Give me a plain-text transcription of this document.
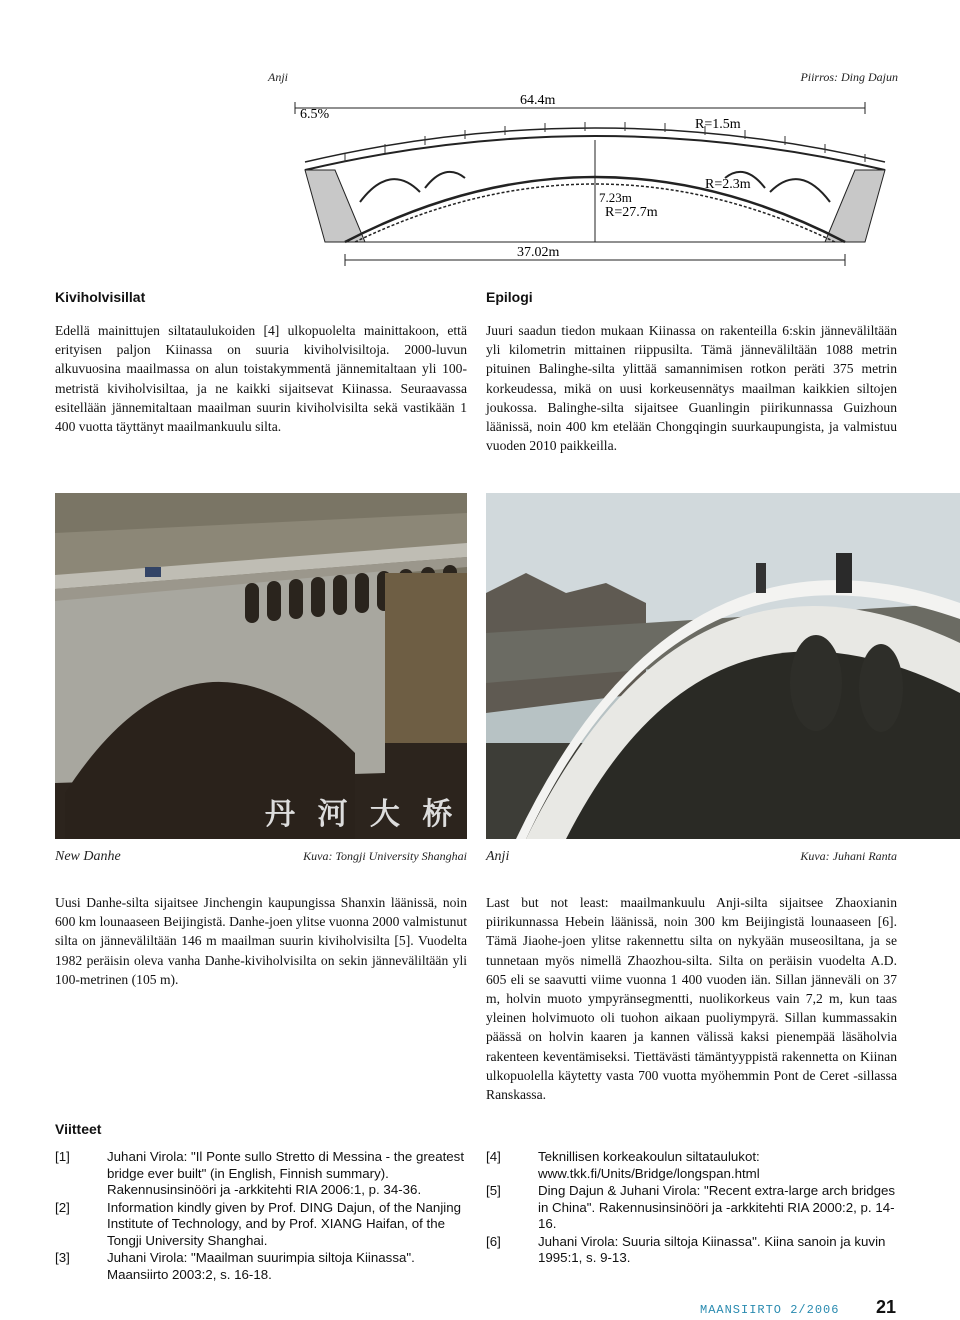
Anji	Piirros: Ding Dajun
6.5%
64.4m
R=1.5m
R=2.3m
7.23m
R=27.7m
37.02m
Kiviholvisillat
Edellä mainittujen siltataulukoiden [4] ulkopuolelta mainittakoon, että erityisen paljon Kiinassa on suuria kiviholvisiltoja. 2000-luvun alkuvuosina maailmassa on alun toistakymmentä jännemitaltaan yli 100-metristä kiviholvisiltaa, ja ne kaikki sijaitsevat Kiinassa. Seuraavassa esitellään jännemitaltaan maailman suurin kiviholvisilta sekä vastikään 1 400 vuotta täyttänyt maailmankuulu silta.
Epilogi
Juuri saadun tiedon mukaan Kiinassa on rakenteilla 6:skin jänneväliltään yli kilometrin mittainen riippusilta. Tämä jänneväliltään 1088 metrin pituinen Balinghe-silta ylittää samannimisen rotkon peräti 375 metrin korkeudessa, mikä on uusi korkeusennätys maailman kaikkien siltojen joukossa. Balinghe-silta sijaitsee Guanlingin piirikunnassa Guizhoun läänissä, noin 400 km etelään Chongqingin suurkaupungista, ja valmistuu vuoden 2010 paikkeilla.
丹 河 大 桥
New Danhe	Kuva: Tongji University Shanghai Anji	Kuva: Juhani Ranta
Uusi Danhe-silta sijaitsee Jinchengin kaupungissa Shanxin läänissä, noin 600 km lounaaseen Beijingistä. Danhe-joen ylitse vuonna 2000 valmistunut silta on jänneväliltään 146 m maailman suurin kiviholvisilta [5]. Vuodelta 1982 peräisin oleva vanha Danhe-kiviholvisilta on sekin jänneväliltään yli 100-metrinen (105 m).
Last but not least: maailmankuulu Anji-silta sijaitsee Zhaoxianin piirikunnassa Hebein läänissä, noin 300 km Beijingistä lounaaseen [6]. Tämä Jiaohe-joen ylitse rakennettu silta on nykyään museosiltana, ja se tunnetaan myös nimellä Zhaozhou-silta. Silta on peräisin vuodelta A.D. 605 eli se saavutti viime vuonna 1 400 vuoden iän. Sillan jänneväli on 37 m, holvin muoto ympyränsegmentti, nuolikorkeus vain 7,2 m, kun taas yleinen holvimuoto oli tuohon aikaan puoliympyrä. Sillan kummassakin päässä on holvin kaaren ja kannen välissä kaksi pienempää läsäholvia rakenteen keventämiseksi. Tiettävästi tämäntyyppistä rakennetta on Kiinan ulkopuolella käytetty vasta 700 vuotta myöhemmin Pont de Ceret -sillassa Ranskassa.
Viitteet
[1]	Juhani Virola: "Il Ponte sullo Stretto di Messina - the greatest bridge ever built" (in English, Finnish summary). Rakennusinsinööri ja -arkkitehti RIA 2006:1, p. 34-36.
[2]	Information kindly given by Prof. DING Dajun, of the Nanjing Institute of Technology, and by Prof. XIANG Haifan, of the Tongji University Shanghai.
[3]	Juhani Virola: "Maailman suurimpia siltoja Kiinassa". Maansiirto 2003:2, s. 16-18.
[4]	Teknillisen korkeakoulun siltataulukot: www.tkk.fi/Units/Bridge/longspan.html
[5]	Ding Dajun & Juhani Virola: "Recent extra-large arch bridges in China". Rakennusinsinööri ja -arkkitehti RIA 2000:2, p. 14-16.
[6]	Juhani Virola: Suuria siltoja Kiinassa". Kiina sanoin ja kuvin 1995:1, s. 9-13.
MAANSIIRTO 2/2006 21
